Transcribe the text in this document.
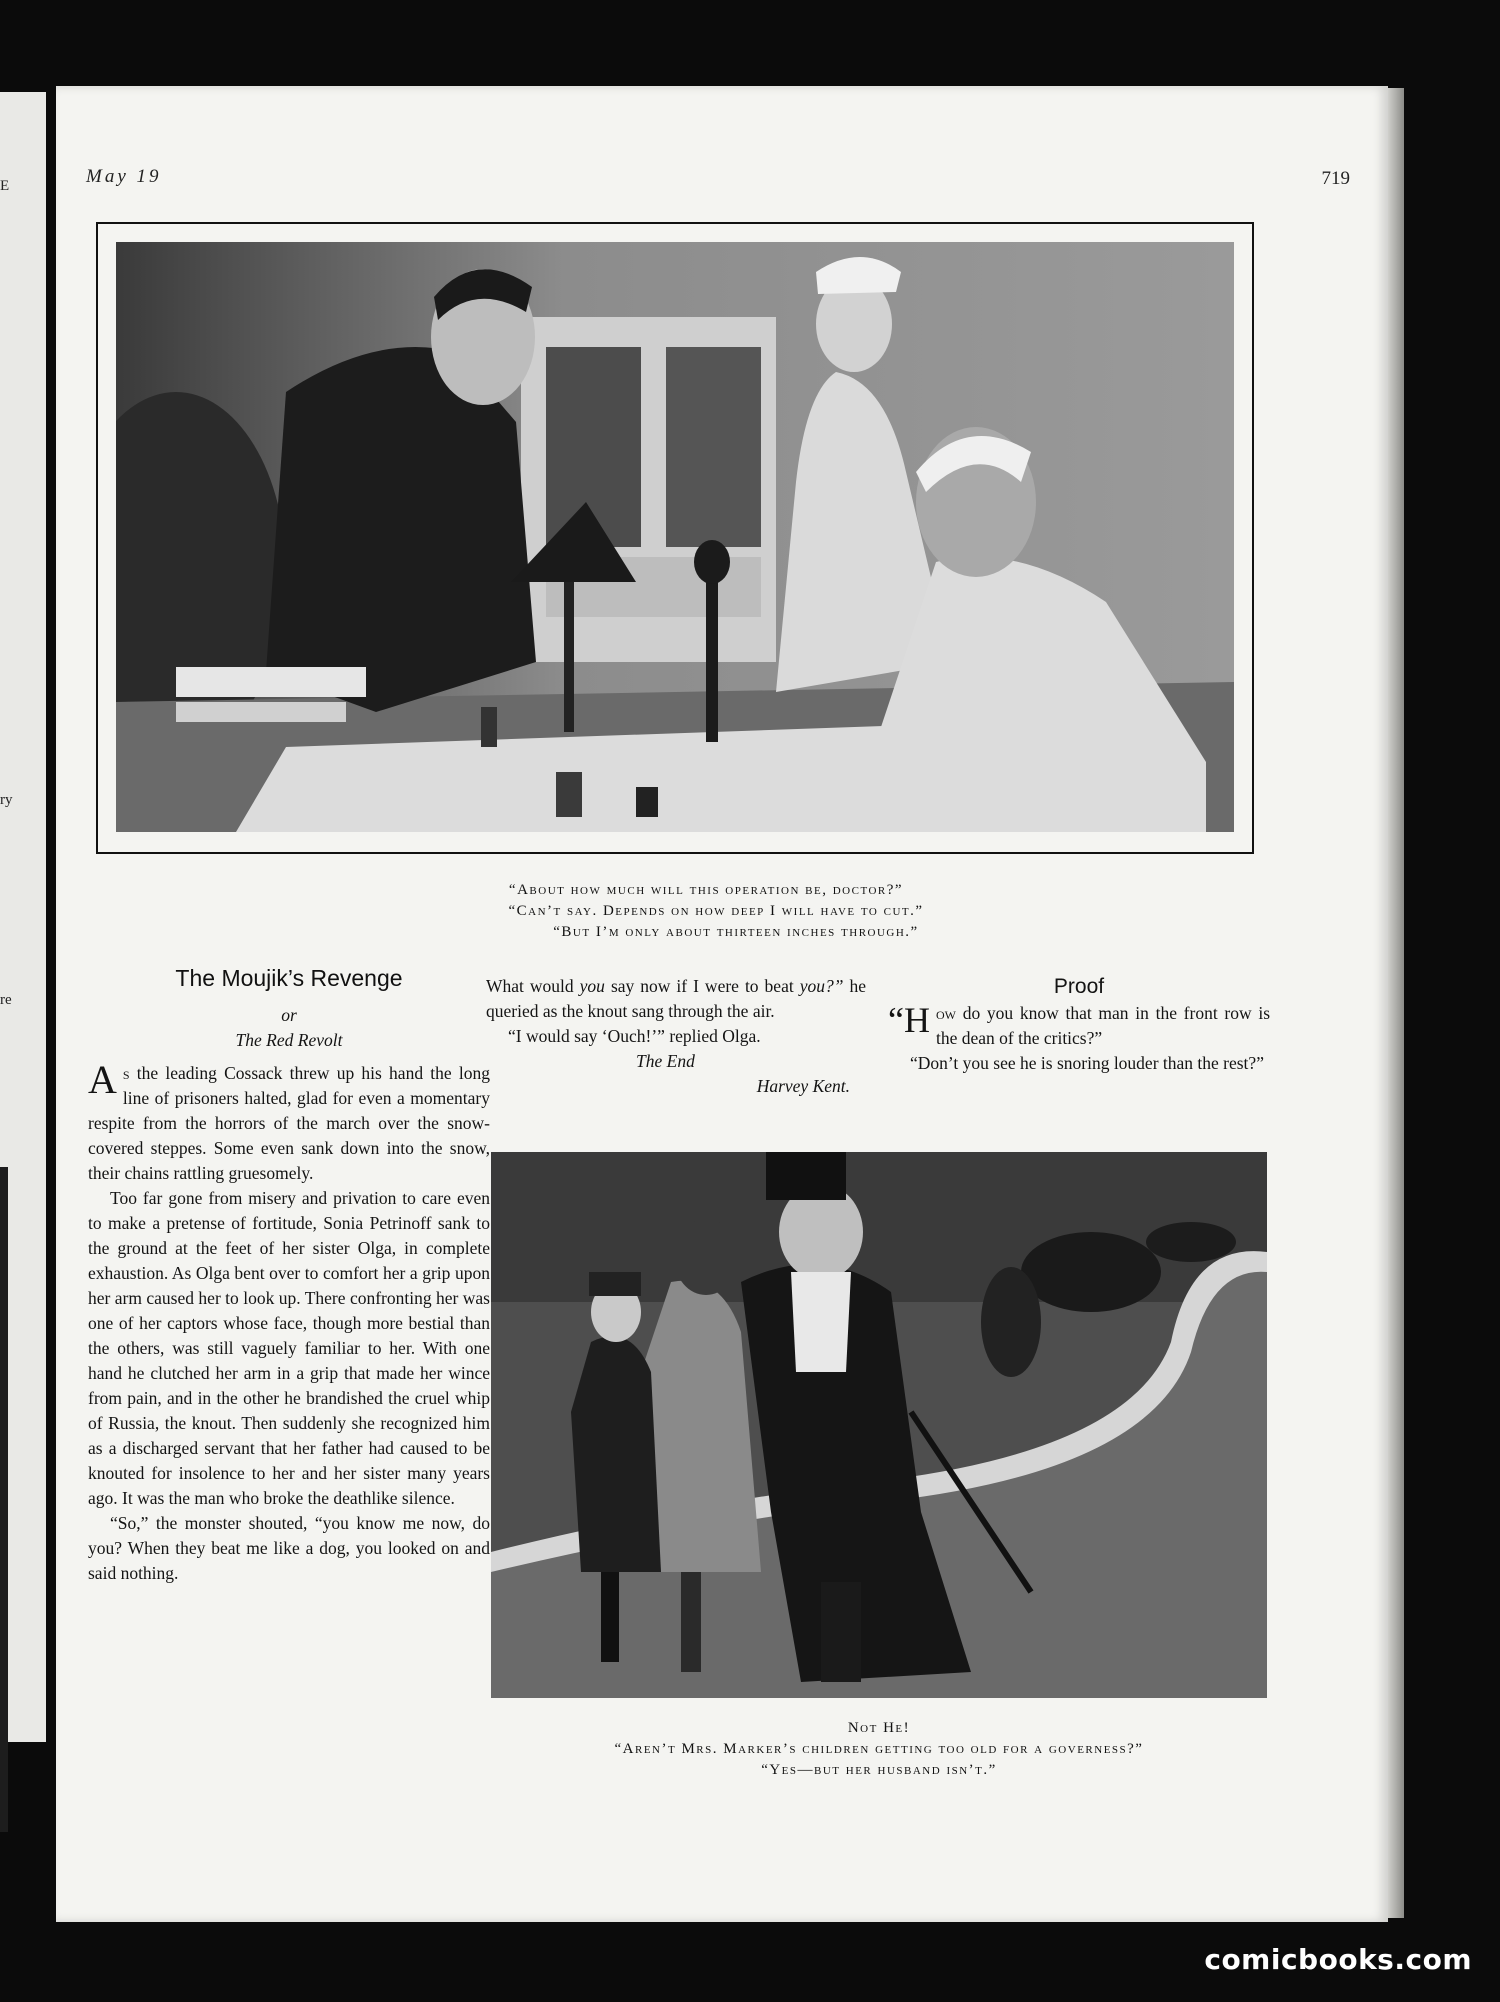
E
ry
re
May 19	719
“About how much will this operation be, doctor?”
“Can’t say. Depends on how deep I will have to cut.”
“But I’m only about thirteen inches through.”

The Moujik’s Revenge

or

The Red Revolt

As the leading Cossack threw up his hand the long line of prisoners halted, glad for even a momentary respite from the horrors of the march over the snow-covered steppes. Some even sank down into the snow, their chains rattling gruesomely.

Too far gone from misery and privation to care even to make a pretense of fortitude, Sonia Petrinoff sank to the ground at the feet of her sister Olga, in complete exhaustion. As Olga bent over to comfort her a grip upon her arm caused her to look up. There confronting her was one of her captors whose face, though more bestial than the others, was still vaguely familiar to her. With one hand he clutched her arm in a grip that made her wince from pain, and in the other he brandished the cruel whip of Russia, the knout. Then suddenly she recognized him as a discharged servant that her father had caused to be knouted for insolence to her and her sister many years ago. It was the man who broke the deathlike silence.

“So,” the monster shouted, “you know me now, do you? When they beat me like a dog, you looked on and said nothing.

What would you say now if I were to beat you?” he queried as the knout sang through the air.

“I would say ‘Ouch!’” replied Olga.

The End

Harvey Kent.

Proof

“How do you know that man in the front row is the dean of the critics?”

“Don’t you see he is snoring louder than the rest?”

Not He!
“Aren’t Mrs. Marker’s children getting too old for a governess?”
“Yes—but her husband isn’t.”
comicbooks.com
